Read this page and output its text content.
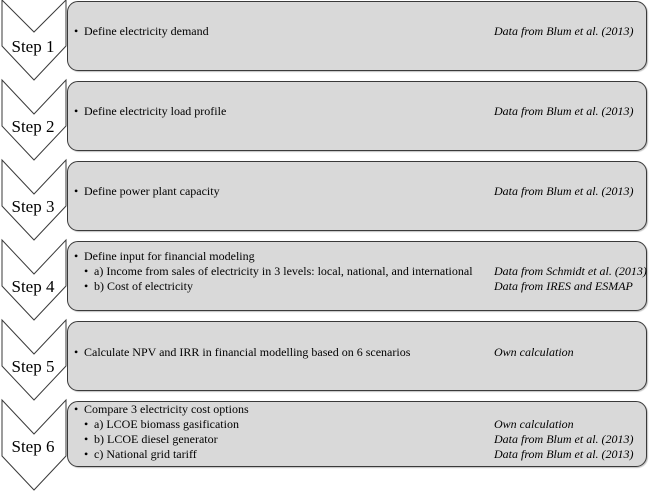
Step 1
Step 2
Step 3
Step 4
Step 5
Step 6
• Define electricity demand	Data from Blum et al. (2013)
• Define electricity load profile	Data from Blum et al. (2013)
• Define power plant capacity	Data from Blum et al. (2013)
• Define input for financial modeling
• a) Income from sales of electricity in 3 levels: local, national, and international Data from Schmidt et al. (2013)
• b) Cost of electricity	Data from IRES and ESMAP
• Calculate NPV and IRR in financial modelling based on 6 scenarios	Own calculation
• Compare 3 electricity cost options
• a) LCOE biomass gasification	Own calculation
• b) LCOE diesel generator	Data from Blum et al. (2013)
• c) National grid tariff	Data from Blum et al. (2013)
